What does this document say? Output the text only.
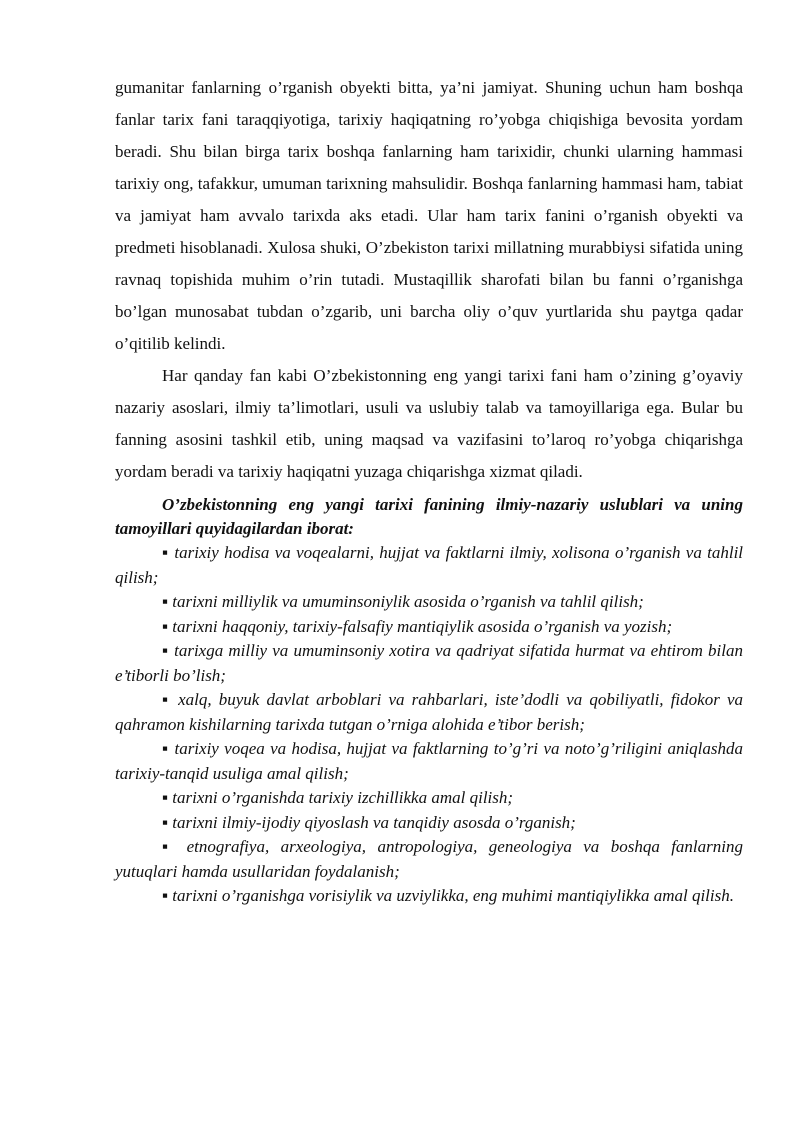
gumanitar fanlarning o’rganish obyekti bitta, ya’ni jamiyat. Shuning uchun ham boshqa fanlar tarix fani taraqqiyotiga, tarixiy haqiqatning ro’yobga chiqishiga bevosita yordam beradi. Shu bilan birga tarix boshqa fanlarning ham tarixidir, chunki ularning hammasi tarixiy ong, tafakkur, umuman tarixning mahsulidir. Boshqa fanlarning hammasi ham, tabiat va jamiyat ham avvalo tarixda aks etadi. Ular ham tarix fanini o’rganish obyekti va predmeti hisoblanadi. Xulosa shuki, O’zbekiston tarixi millatning murabbiysi sifatida uning ravnaq topishida muhim o’rin tutadi. Mustaqillik sharofati bilan bu fanni o’rganishga bo’lgan munosabat tubdan o’zgarib, uni barcha oliy o’quv yurtlarida shu paytga qadar o’qitilib kelindi.

Har qanday fan kabi O’zbekistonning eng yangi tarixi fani ham o’zining g’oyaviy nazariy asoslari, ilmiy ta’limotlari, usuli va uslubiy talab va tamoyillariga ega. Bular bu fanning asosini tashkil etib, uning maqsad va vazifasini to’laroq ro’yobga chiqarishga yordam beradi va tarixiy haqiqatni yuzaga chiqarishga xizmat qiladi.

O’zbekistonning eng yangi tarixi fanining ilmiy-nazariy uslublari va uning tamoyillari quyidagilardan iborat:

▪ tarixiy hodisa va voqealarni, hujjat va faktlarni ilmiy, xolisona o’rganish va tahlil qilish;

▪ tarixni milliylik va umuminsoniylik asosida o’rganish va tahlil qilish;

▪ tarixni haqqoniy, tarixiy-falsafiy mantiqiylik asosida o’rganish va yozish;

▪ tarixga milliy va umuminsoniy xotira va qadriyat sifatida hurmat va ehtirom bilan e’tiborli bo’lish;

▪ xalq, buyuk davlat arboblari va rahbarlari, iste’dodli va qobiliyatli, fidokor va qahramon kishilarning tarixda tutgan o’rniga alohida e’tibor berish;

▪ tarixiy voqea va hodisa, hujjat va faktlarning to’g’ri va noto’g’riligini aniqlashda tarixiy-tanqid usuliga amal qilish;

▪ tarixni o’rganishda tarixiy izchillikka amal qilish;

▪ tarixni ilmiy-ijodiy qiyoslash va tanqidiy asosda o’rganish;

▪ etnografiya, arxeologiya, antropologiya, geneologiya va boshqa fanlarning yutuqlari hamda usullaridan foydalanish;

▪ tarixni o’rganishga vorisiylik va uzviylikka, eng muhimi mantiqiylikka amal qilish.
